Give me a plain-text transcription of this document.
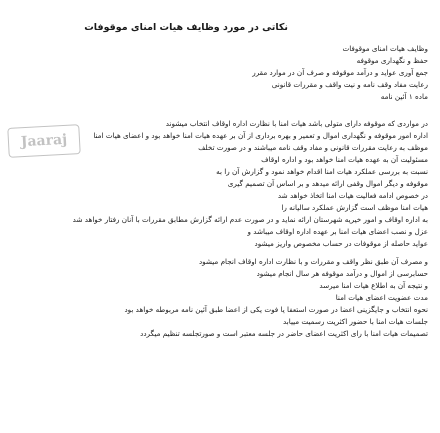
نکاتی در مورد وظایف هیات امنای موقوفات
وظایف هیات امنای موقوفات
حفظ و نگهداری موقوفه
جمع آوری عواید و درآمد موقوفه و صرف آن در موارد مقرر
رعایت مفاد وقف نامه و نیت واقف و مقررات قانونی
ماده ۱ آئین نامه
در مواردی که موقوفه دارای متولی باشد هیات امنا با نظارت اداره اوقاف انتخاب میشوند
اداره امور موقوفه و نگهداری اموال و تعمیر و بهره برداری از آن بر عهده هیات امنا خواهد بود و اعضای هیات امنا
موظف به رعایت مقررات قانونی و مفاد وقف نامه میباشند و در صورت تخلف
مسئولیت آن به عهده هیات امنا خواهد بود و اداره اوقاف
نسبت به بررسی عملکرد هیات امنا اقدام خواهد نمود و گزارش آن را به
موقوفه و دیگر اموال وقفی ارائه میدهد و بر اساس آن تصمیم گیری
در خصوص ادامه فعالیت هیات امنا اتخاذ خواهد شد
هیات امنا موظف است گزارش عملکرد سالیانه را
به اداره اوقاف و امور خیریه شهرستان ارائه نماید و در صورت عدم ارائه گزارش مطابق مقررات با آنان رفتار خواهد شد
عزل و نصب اعضای هیات امنا بر عهده اداره اوقاف میباشد و
عواید حاصله از موقوفات در حساب مخصوص واریز میشود
و مصرف آن طبق نظر واقف و مقررات و با نظارت اداره اوقاف انجام میشود
حسابرسی از اموال و درآمد موقوفه هر سال انجام میشود
و نتیجه آن به اطلاع هیات امنا میرسد
مدت عضویت اعضای هیات امنا
نحوه انتخاب و جایگزینی اعضا در صورت استعفا یا فوت یکی از اعضا طبق آئین نامه مربوطه خواهد بود
جلسات هیات امنا با حضور اکثریت رسمیت مییابد
تصمیمات هیات امنا با رای اکثریت اعضای حاضر در جلسه معتبر است و صورتجلسه تنظیم میگردد
Jaaraj
